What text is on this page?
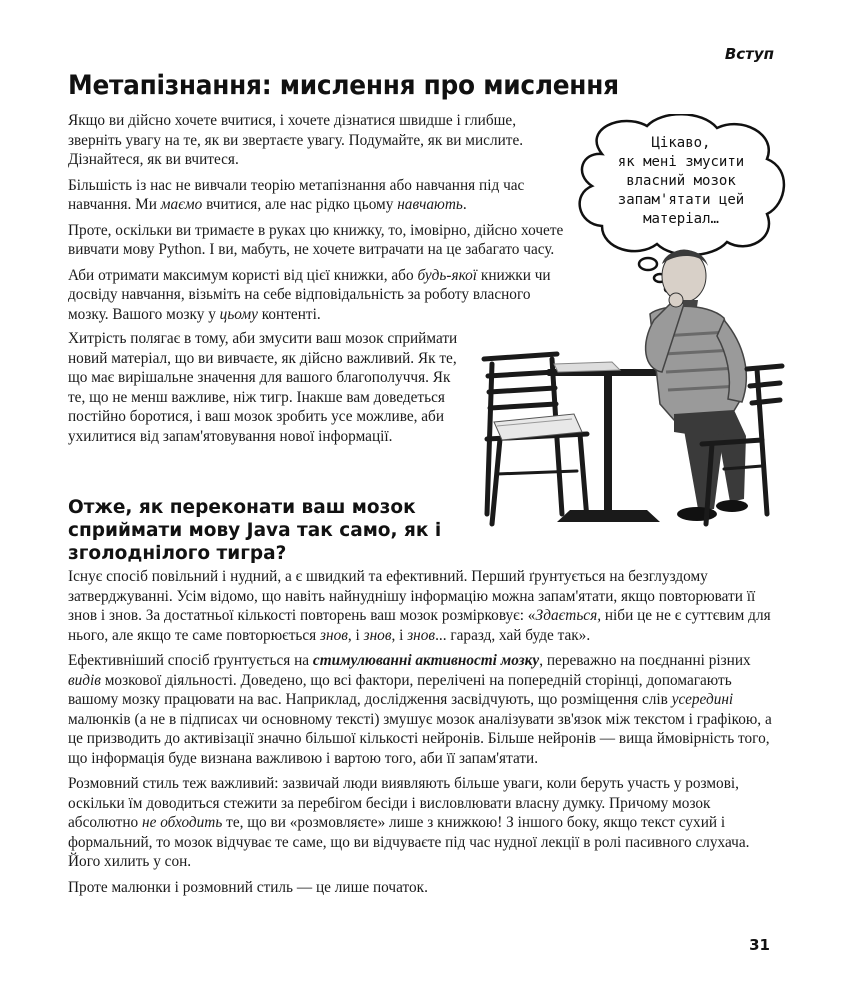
Вступ
Метапізнання: мислення про мислення

Якщо ви дійсно хочете вчитися, і хочете дізнатися швидше і глибше, зверніть увагу на те, як ви звертаєте увагу. Подумайте, як ви мислите. Дізнайтеся, як ви вчитеся.

Більшість із нас не вивчали теорію метапізнання або навчання під час навчання. Ми маємо вчитися, але нас рідко цьому навчають.

Проте, оскільки ви тримаєте в руках цю книжку, то, імовірно, дійсно хочете вивчати мову Python. І ви, мабуть, не хочете витрачати на це забагато часу.

Аби отримати максимум користі від цієї книжки, або будь-якої книжки чи досвіду навчання, візьміть на себе відповідальність за роботу власного мозку. Вашого мозку у цьому контенті.

Хитрість полягає в тому, аби змусити ваш мозок сприймати новий матеріал, що ви вивчаєте, як дійсно важливий. Як те, що має вирішальне значення для вашого благополуччя. Як те, що не менш важливе, ніж тигр. Інакше вам доведеться постійно боротися, і ваш мозок зробить усе можливе, аби ухилитися від запам'ятовування нової інформації.

Цікаво,
як мені змусити
власний мозок
запам'ятати цей
матеріал…
Отже, як переконати ваш мозок сприймати мову Java так само, як і зголоднілого тигра?

Існує спосіб повільний і нудний, а є швидкий та ефективний. Перший ґрунтується на безглуздому затверджуванні. Усім відомо, що навіть найнуднішу інформацію можна запам'ятати, якщо повторювати її знов і знов. За достатньої кількості повторень ваш мозок розмірковує: «Здається, ніби це не є суттєвим для нього, але якщо те саме повторюється знов, і знов, і знов... гаразд, хай буде так».

Ефективніший спосіб ґрунтується на стимулюванні активності мозку, переважно на поєднанні різних видів мозкової діяльності. Доведено, що всі фактори, перелічені на попередній сторінці, допомагають вашому мозку працювати на вас. Наприклад, дослідження засвідчують, що розміщення слів усередині малюнків (а не в підписах чи основному тексті) змушує мозок аналізувати зв'язок між текстом і графікою, а це призводить до активізації значно більшої кількості нейронів. Більше нейронів — вища ймовірність того, що інформація буде визнана важливою і вартою того, аби її запам'ятати.

Розмовний стиль теж важливий: зазвичай люди виявляють більше уваги, коли беруть участь у розмові, оскільки їм доводиться стежити за перебігом бесіди і висловлювати власну думку. Причому мозок абсолютно не обходить те, що ви «розмовляєте» лише з книжкою! З іншого боку, якщо текст сухий і формальний, то мозок відчуває те саме, що ви відчуваєте під час нудної лекції в ролі пасивного слухача. Його хилить у сон.

Проте малюнки і розмовний стиль — це лише початок.

31
